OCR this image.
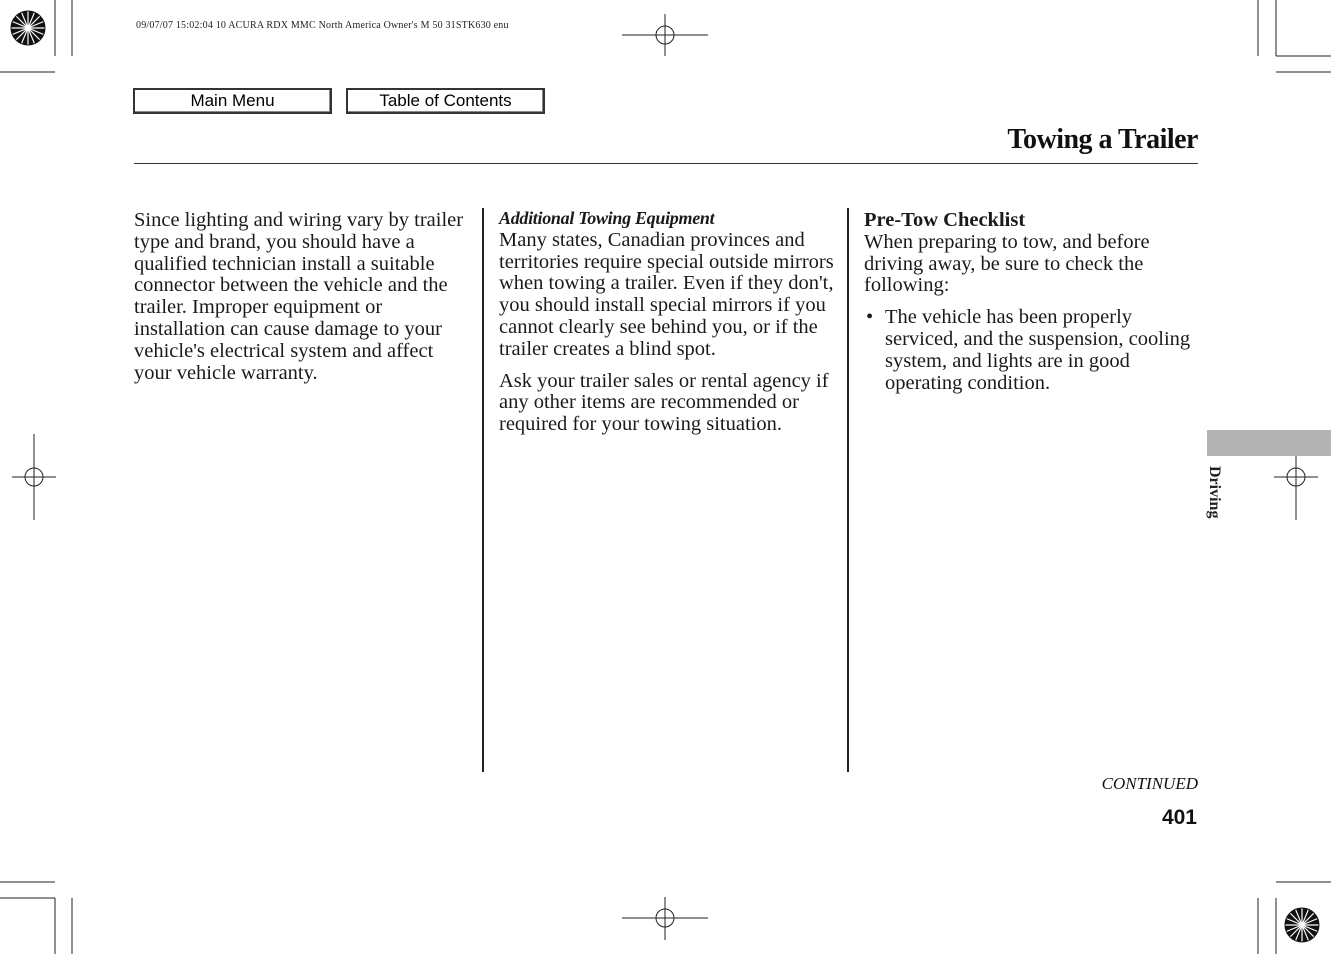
09/07/07 15:02:04 10 ACURA RDX MMC North America Owner's M 50 31STK630 enu
Main Menu	Table of Contents
Towing a Trailer

Since lighting and wiring vary by trailer type and brand, you should have a qualified technician install a suitable connector between the vehicle and the trailer. Improper equipment or installation can cause damage to your vehicle's electrical system and affect your vehicle warranty.

Additional Towing Equipment

Many states, Canadian provinces and territories require special outside mirrors when towing a trailer. Even if they don't, you should install special mirrors if you cannot clearly see behind you, or if the trailer creates a blind spot.

Ask your trailer sales or rental agency if any other items are recommended or required for your towing situation.

Pre-Tow Checklist
When preparing to tow, and before driving away, be sure to check the following:
• The vehicle has been properly serviced, and the suspension, cooling system, and lights are in good operating condition.
Driving
CONTINUED
401
